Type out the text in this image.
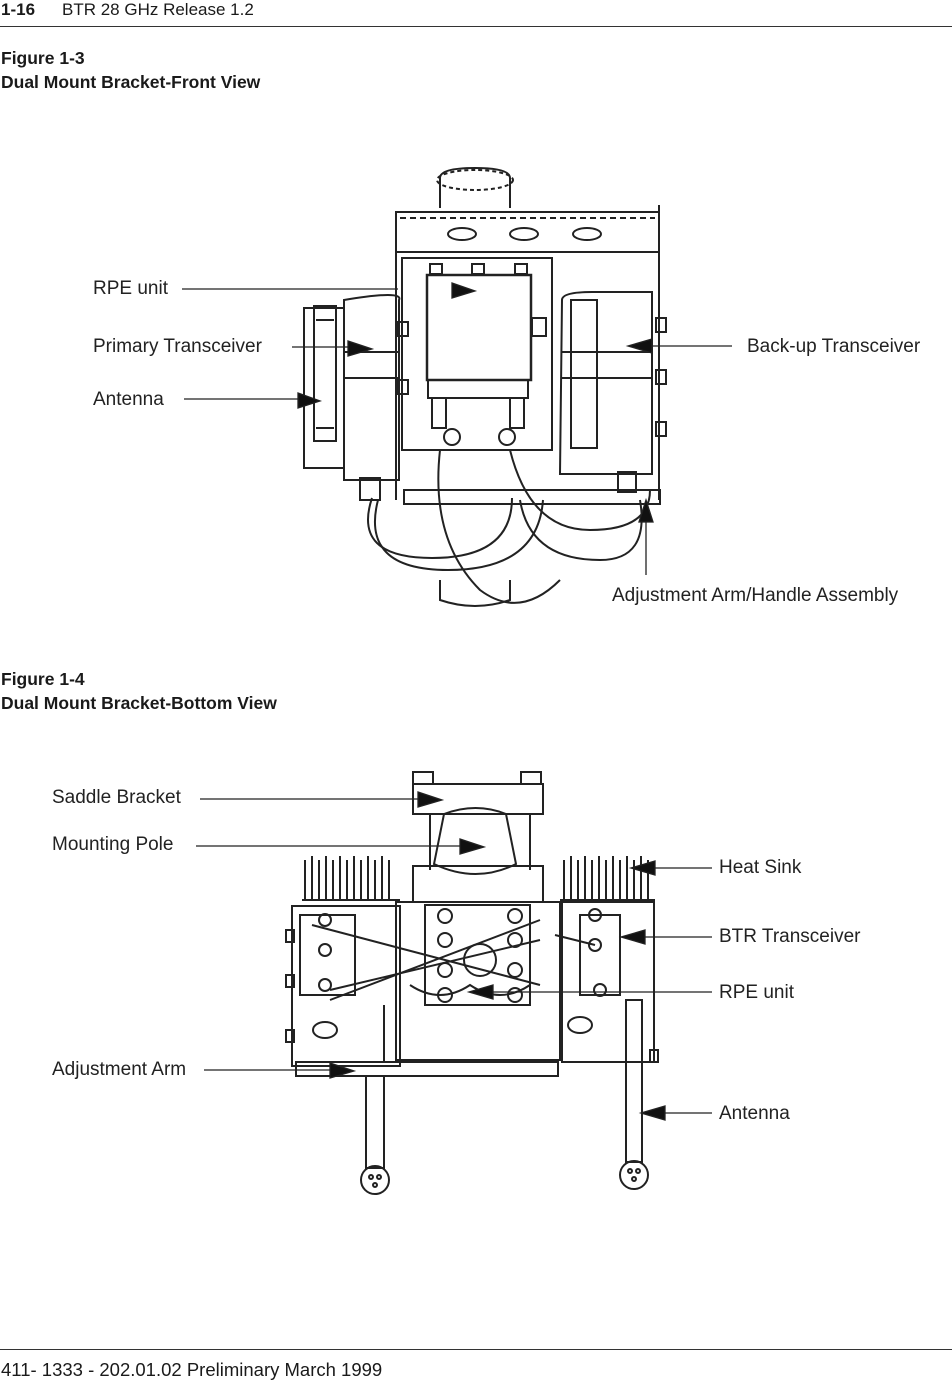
1-16 BTR 28 GHz Release 1.2
Figure 1-3
Dual Mount Bracket-Front View
RPE unit
Primary Transceiver
Antenna
Back-up Transceiver
Adjustment Arm/Handle Assembly
Figure 1-4
Dual Mount Bracket-Bottom View
Saddle Bracket
Mounting Pole
Adjustment Arm
Heat Sink
BTR Transceiver
RPE unit
Antenna
411- 1333 - 202.01.02 Preliminary March 1999
